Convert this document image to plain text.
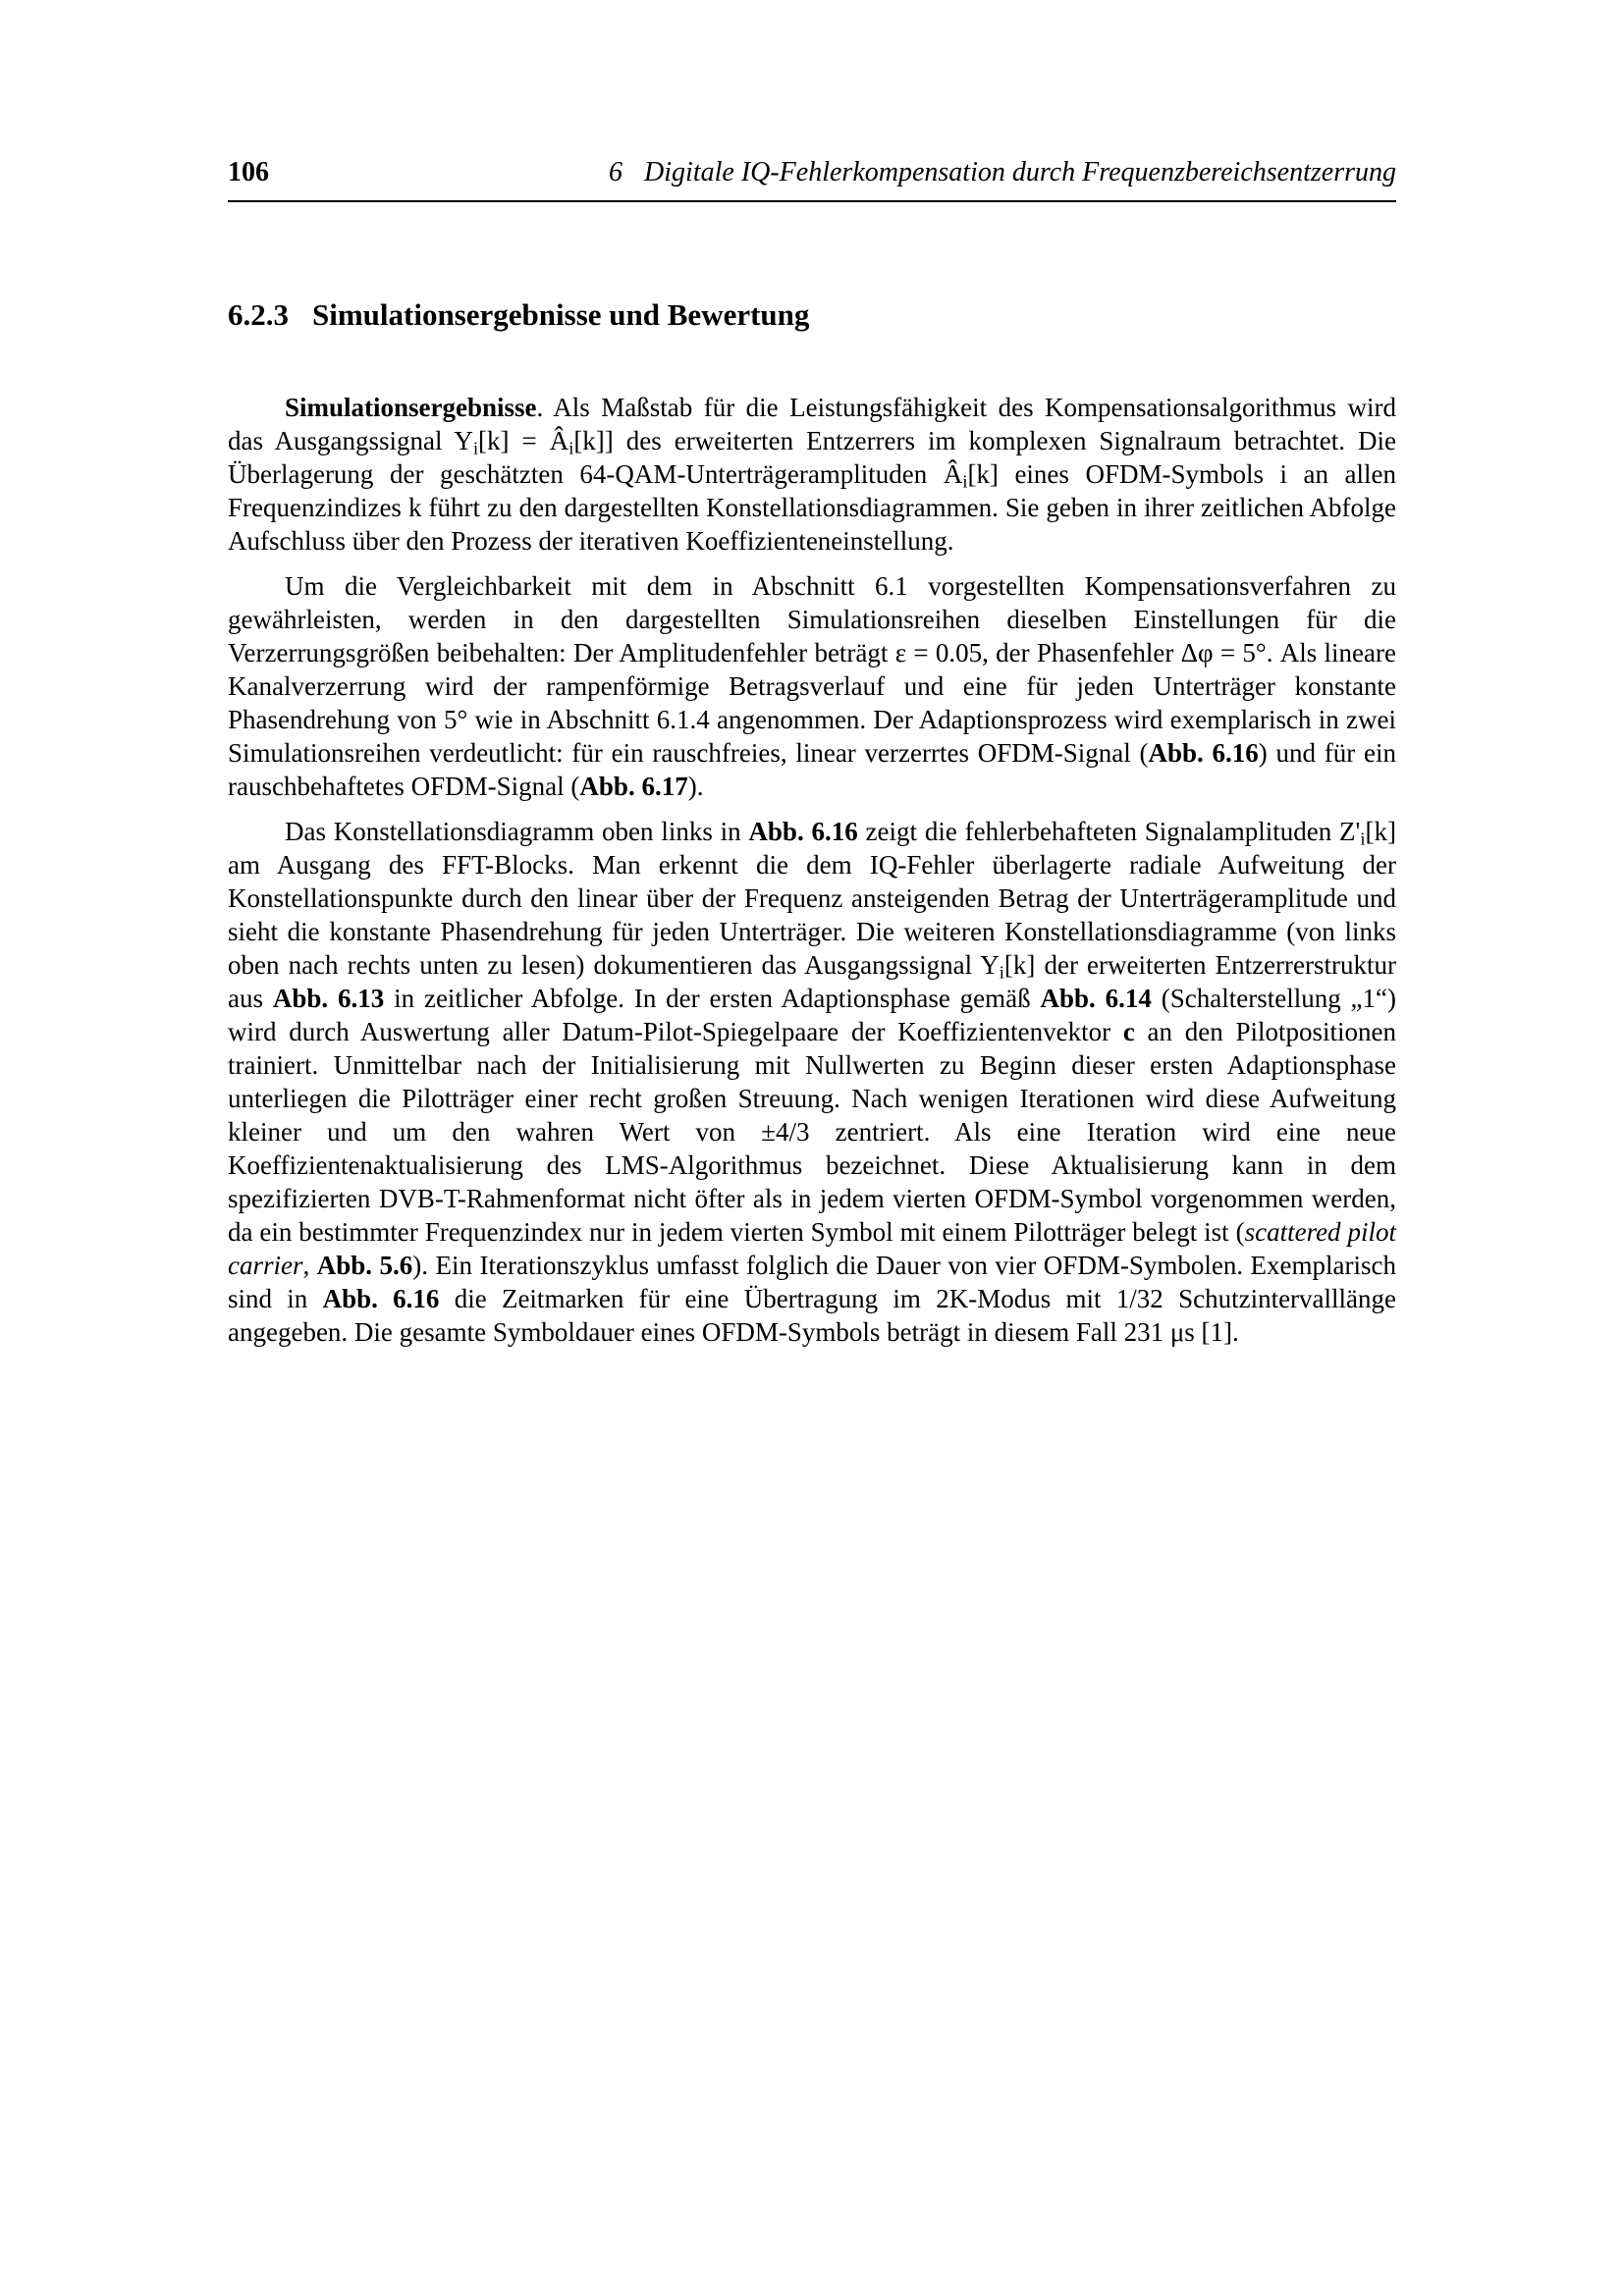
106	6 Digitale IQ-Fehlerkompensation durch Frequenzbereichsentzerrung
6.2.3 Simulationsergebnisse und Bewertung

Simulationsergebnisse. Als Maßstab für die Leistungsfähigkeit des Kompensationsalgorithmus wird das Ausgangssignal $Y_i[k]$ = $Â_i[k]$] des erweiterten Entzerrers im komplexen Signalraum betrachtet. Die Überlagerung der geschätzten 64-QAM-Unterträgeramplituden $Â_i[k]$ eines OFDM-Symbols i an allen Frequenzindizes k führt zu den dargestellten Konstellationsdiagrammen. Sie geben in ihrer zeitlichen Abfolge Aufschluss über den Prozess der iterativen Koeffizienteneinstellung.

Um die Vergleichbarkeit mit dem in Abschnitt 6.1 vorgestellten Kompensationsverfahren zu gewährleisten, werden in den dargestellten Simulationsreihen dieselben Einstellungen für die Verzerrungsgrößen beibehalten: Der Amplitudenfehler beträgt ε = 0.05, der Phasenfehler Δφ = 5°. Als lineare Kanalverzerrung wird der rampenförmige Betragsverlauf und eine für jeden Unterträger konstante Phasendrehung von 5° wie in Abschnitt 6.1.4 angenommen. Der Adaptionsprozess wird exemplarisch in zwei Simulationsreihen verdeutlicht: für ein rauschfreies, linear verzerrtes OFDM-Signal (Abb. 6.16) und für ein rauschbehaftetes OFDM-Signal (Abb. 6.17).

Das Konstellationsdiagramm oben links in Abb. 6.16 zeigt die fehlerbehafteten Signalamplituden $Z'_i[k]$ am Ausgang des FFT-Blocks. Man erkennt die dem IQ-Fehler überlagerte radiale Aufweitung der Konstellationspunkte durch den linear über der Frequenz ansteigenden Betrag der Unterträgeramplitude und sieht die konstante Phasendrehung für jeden Unterträger. Die weiteren Konstellationsdiagramme (von links oben nach rechts unten zu lesen) dokumentieren das Ausgangssignal $Y_i[k]$ der erweiterten Entzerrerstruktur aus Abb. 6.13 in zeitlicher Abfolge. In der ersten Adaptionsphase gemäß Abb. 6.14 (Schalterstellung „1“) wird durch Auswertung aller Datum-Pilot-Spiegelpaare der Koeffizientenvektor c an den Pilotpositionen trainiert. Unmittelbar nach der Initialisierung mit Nullwerten zu Beginn dieser ersten Adaptionsphase unterliegen die Pilotträger einer recht großen Streuung. Nach wenigen Iterationen wird diese Aufweitung kleiner und um den wahren Wert von ±4/3 zentriert. Als eine Iteration wird eine neue Koeffizientenaktualisierung des LMS-Algorithmus bezeichnet. Diese Aktualisierung kann in dem spezifizierten DVB-T-Rahmenformat nicht öfter als in jedem vierten OFDM-Symbol vorgenommen werden, da ein bestimmter Frequenzindex nur in jedem vierten Symbol mit einem Pilotträger belegt ist (scattered pilot carrier, Abb. 5.6). Ein Iterationszyklus umfasst folglich die Dauer von vier OFDM-Symbolen. Exemplarisch sind in Abb. 6.16 die Zeitmarken für eine Übertragung im 2K-Modus mit 1/32 Schutzintervalllänge angegeben. Die gesamte Symboldauer eines OFDM-Symbols beträgt in diesem Fall 231 μs [1].
